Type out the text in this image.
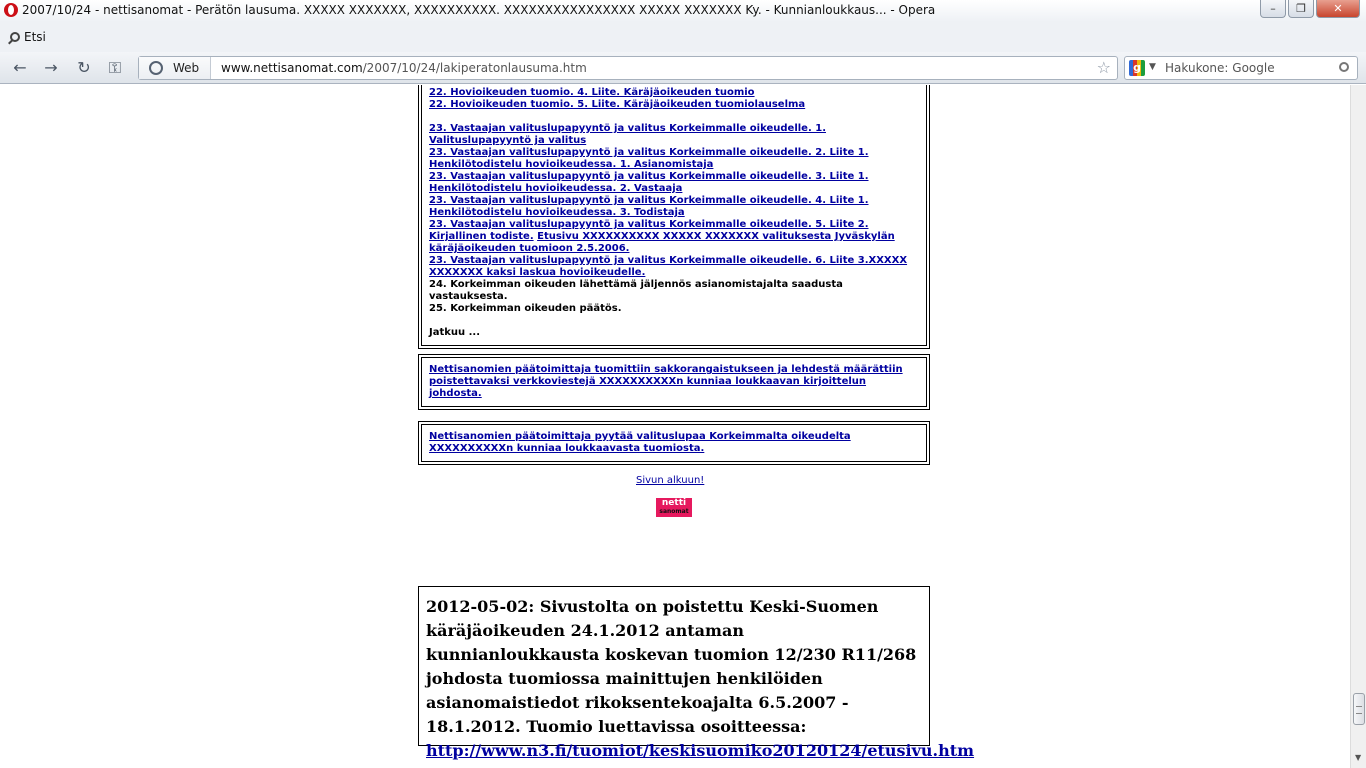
2007/10/24 - nettisanomat - Perätön lausuma. XXXXX XXXXXXX, XXXXXXXXXX. XXXXXXXXXXXXXXXX XXXXX XXXXXXX Ky. - Kunnianloukkaus... - Opera	–	❐	✕
Etsi
← → ↻	⚿	Web	www.nettisanomat.com/2007/10/24/lakiperatonlausuma.htm	☆	g ▼ Hakukone: Google
22. Hovioikeuden tuomio. 4. Liite. Käräjäoikeuden tuomio
22. Hovioikeuden tuomio. 5. Liite. Käräjäoikeuden tuomiolauselma
23. Vastaajan valituslupapyyntö ja valitus Korkeimmalle oikeudelle. 1. Valituslupapyyntö ja valitus
23. Vastaajan valituslupapyyntö ja valitus Korkeimmalle oikeudelle. 2. Liite 1. Henkilötodistelu hovioikeudessa. 1. Asianomistaja
23. Vastaajan valituslupapyyntö ja valitus Korkeimmalle oikeudelle. 3. Liite 1. Henkilötodistelu hovioikeudessa. 2. Vastaaja
23. Vastaajan valituslupapyyntö ja valitus Korkeimmalle oikeudelle. 4. Liite 1. Henkilötodistelu hovioikeudessa. 3. Todistaja
23. Vastaajan valituslupapyyntö ja valitus Korkeimmalle oikeudelle. 5. Liite 2. Kirjallinen todiste. Etusivu XXXXXXXXXX XXXXX XXXXXXX valituksesta Jyväskylän käräjäoikeuden tuomioon 2.5.2006.
23. Vastaajan valituslupapyyntö ja valitus Korkeimmalle oikeudelle. 6. Liite 3.XXXXX XXXXXXX kaksi laskua hovioikeudelle.
24. Korkeimman oikeuden lähettämä jäljennös asianomistajalta saadusta vastauksesta.
25. Korkeimman oikeuden päätös.
Jatkuu ...
Nettisanomien päätoimittaja tuomittiin sakkorangaistukseen ja lehdestä määrättiin poistettavaksi verkkoviestejä XXXXXXXXXXn kunniaa loukkaavan kirjoittelun johdosta.
Nettisanomien päätoimittaja pyytää valituslupaa Korkeimmalta oikeudelta XXXXXXXXXXn kunniaa loukkaavasta tuomiosta.
Sivun alkuun!
netti
sanomat
2012-05-02: Sivustolta on poistettu Keski-Suomen käräjäoikeuden 24.1.2012 antaman kunnianloukkausta koskevan tuomion 12/230 R11/268 johdosta tuomiossa mainittujen henkilöiden asianomaistiedot rikoksentekoajalta 6.5.2007 - 18.1.2012. Tuomio luettavissa osoitteessa: http://www.n3.fi/tuomiot/keskisuomiko20120124/etusivu.htm	▼
